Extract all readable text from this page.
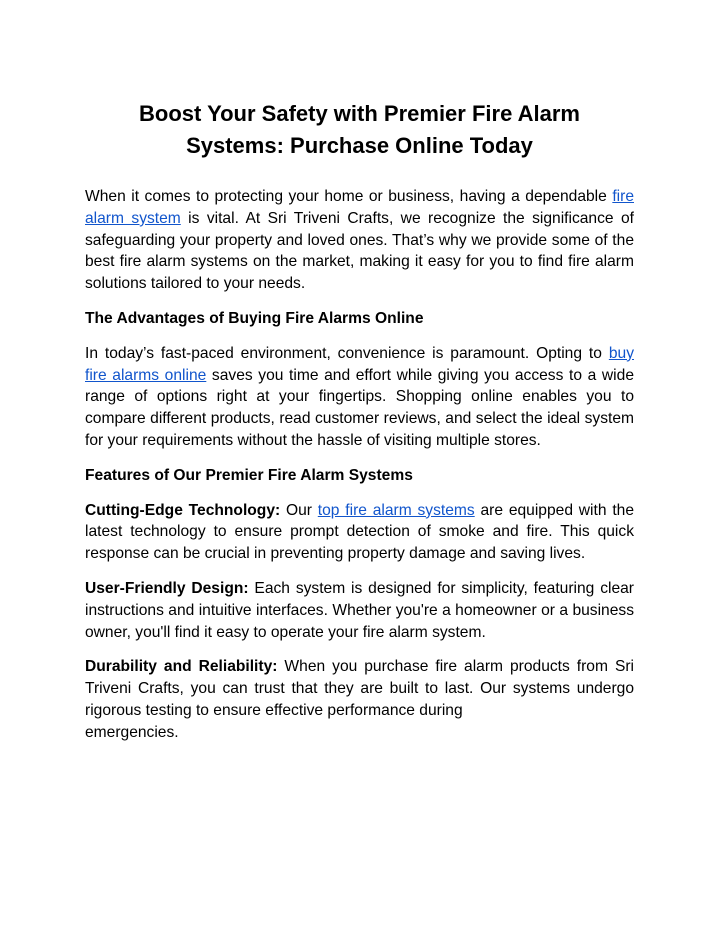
Boost Your Safety with Premier Fire Alarm
Systems: Purchase Online Today

When it comes to protecting your home or business, having a dependable fire alarm system is vital. At Sri Triveni Crafts, we recognize the significance of safeguarding your property and loved ones. That’s why we provide some of the best fire alarm systems on the market, making it easy for you to find fire alarm solutions tailored to your needs.

The Advantages of Buying Fire Alarms Online

In today’s fast-paced environment, convenience is paramount. Opting to buy fire alarms online saves you time and effort while giving you access to a wide range of options right at your fingertips. Shopping online enables you to compare different products, read customer reviews, and select the ideal system for your requirements without the hassle of visiting multiple stores.

Features of Our Premier Fire Alarm Systems

Cutting-Edge Technology: Our top fire alarm systems are equipped with the latest technology to ensure prompt detection of smoke and fire. This quick response can be crucial in preventing property damage and saving lives.

User-Friendly Design: Each system is designed for simplicity, featuring clear instructions and intuitive interfaces. Whether you're a homeowner or a business owner, you'll find it easy to operate your fire alarm system.

Durability and Reliability: When you purchase fire alarm products from Sri Triveni Crafts, you can trust that they are built to last. Our systems undergo rigorous testing to ensure effective performance during
emergencies.
